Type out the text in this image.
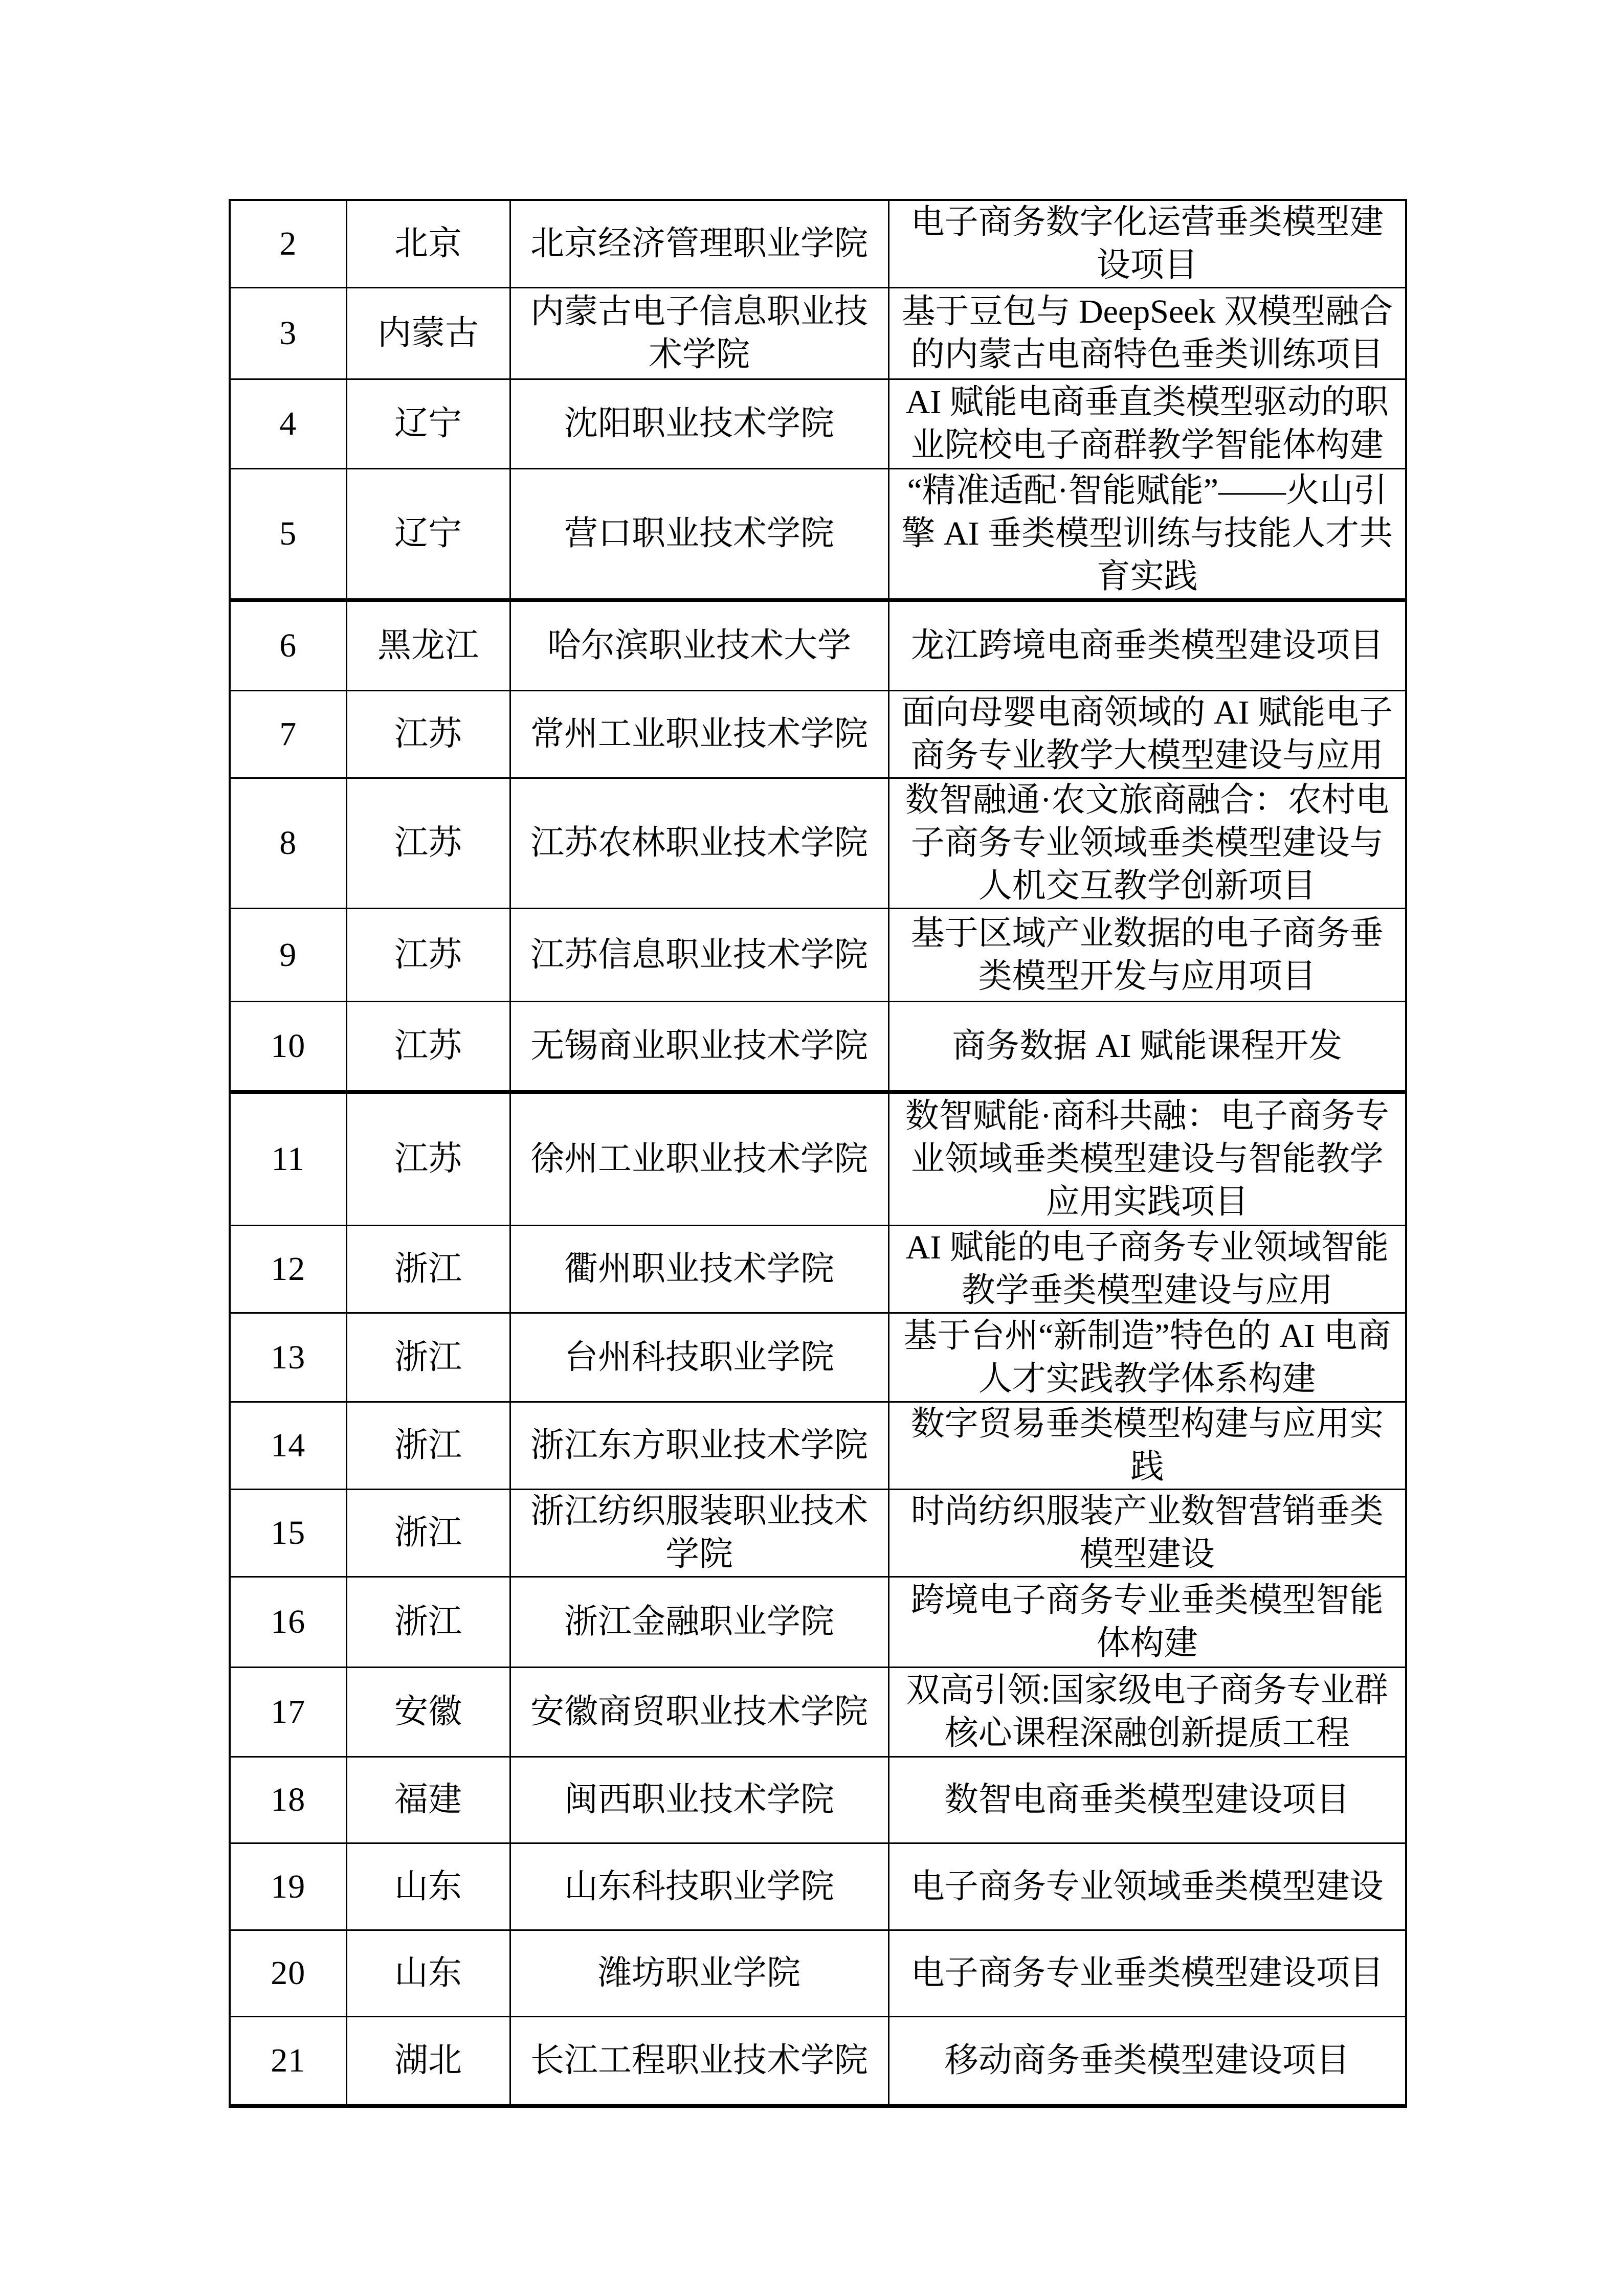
2	北京	北京经济管理职业学院	电子商务数字化运营垂类模型建设项目
3	内蒙古	内蒙古电子信息职业技术学院	基于豆包与 DeepSeek 双模型融合的内蒙古电商特色垂类训练项目
4	辽宁	沈阳职业技术学院	AI 赋能电商垂直类模型驱动的职业院校电子商群教学智能体构建
5	辽宁	营口职业技术学院	“精准适配·智能赋能”——火山引擎 AI 垂类模型训练与技能人才共育实践
6	黑龙江	哈尔滨职业技术大学	龙江跨境电商垂类模型建设项目
7	江苏	常州工业职业技术学院	面向母婴电商领域的 AI 赋能电子商务专业教学大模型建设与应用
8	江苏	江苏农林职业技术学院	数智融通·农文旅商融合：农村电子商务专业领域垂类模型建设与人机交互教学创新项目
9	江苏	江苏信息职业技术学院	基于区域产业数据的电子商务垂类模型开发与应用项目
10	江苏	无锡商业职业技术学院	商务数据 AI 赋能课程开发
11	江苏	徐州工业职业技术学院	数智赋能·商科共融：电子商务专业领域垂类模型建设与智能教学应用实践项目
12	浙江	衢州职业技术学院	AI 赋能的电子商务专业领域智能教学垂类模型建设与应用
13	浙江	台州科技职业学院	基于台州“新制造”特色的 AI 电商人才实践教学体系构建
14	浙江	浙江东方职业技术学院	数字贸易垂类模型构建与应用实践
15	浙江	浙江纺织服装职业技术学院	时尚纺织服装产业数智营销垂类模型建设
16	浙江	浙江金融职业学院	跨境电子商务专业垂类模型智能体构建
17	安徽	安徽商贸职业技术学院	双高引领:国家级电子商务专业群核心课程深融创新提质工程
18	福建	闽西职业技术学院	数智电商垂类模型建设项目
19	山东	山东科技职业学院	电子商务专业领域垂类模型建设
20	山东	潍坊职业学院	电子商务专业垂类模型建设项目
21	湖北	长江工程职业技术学院	移动商务垂类模型建设项目
